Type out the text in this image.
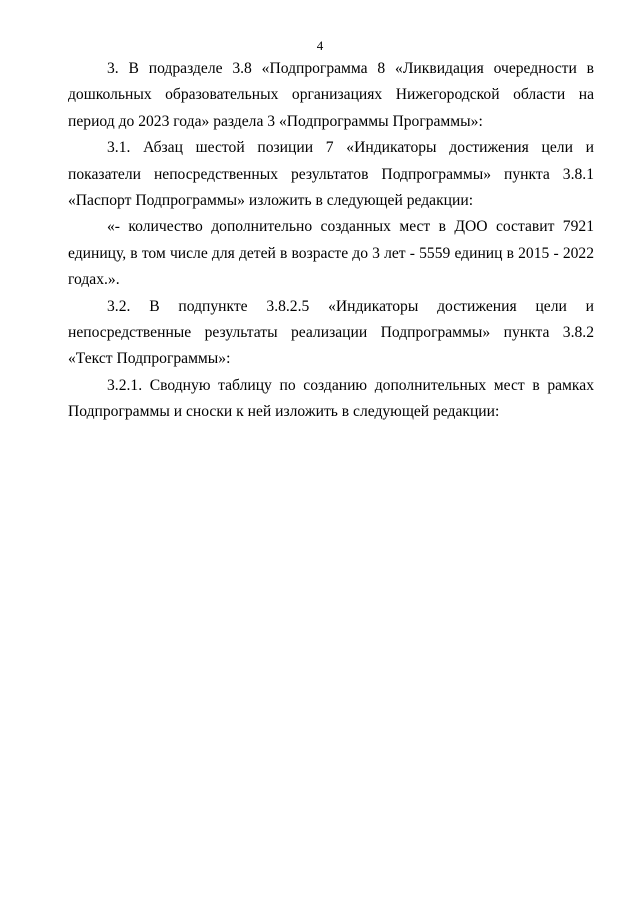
4

3. В подразделе 3.8 «Подпрограмма 8 «Ликвидация очередности в дошкольных образовательных организациях Нижегородской области на период до 2023 года» раздела 3 «Подпрограммы Программы»:

3.1. Абзац шестой позиции 7 «Индикаторы достижения цели и показатели непосредственных результатов Подпрограммы» пункта 3.8.1 «Паспорт Подпрограммы» изложить в следующей редакции:

«- количество дополнительно созданных мест в ДОО составит 7921 единицу, в том числе для детей в возрасте до 3 лет - 5559 единиц в 2015 - 2022 годах.».

3.2. В подпункте 3.8.2.5 «Индикаторы достижения цели и непосредственные результаты реализации Подпрограммы» пункта 3.8.2 «Текст Подпрограммы»:

3.2.1. Сводную таблицу по созданию дополнительных мест в рамках Подпрограммы и сноски к ней изложить в следующей редакции:
